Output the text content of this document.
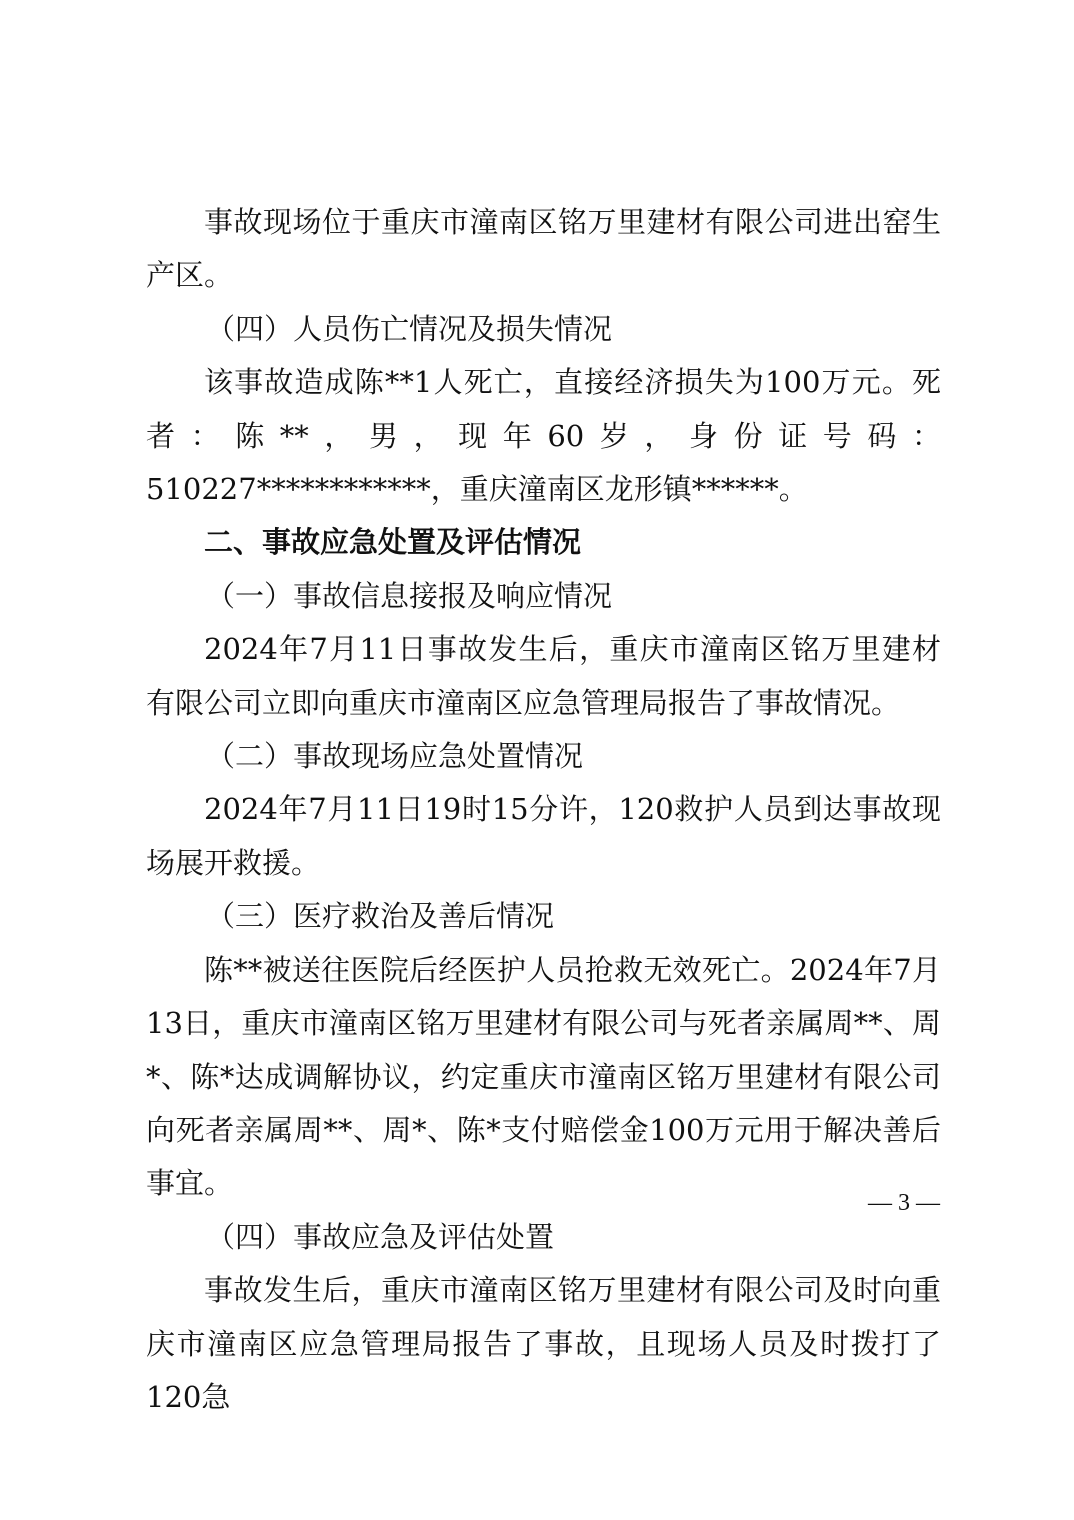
事故现场位于重庆市潼南区铭万里建材有限公司进出窑生产区。

（四）人员伤亡情况及损失情况

该事故造成陈**1人死亡，直接经济损失为100万元。死者：陈**，男，现年60岁，身份证号码：510227************，重庆潼南区龙形镇******。

二、事故应急处置及评估情况

（一）事故信息接报及响应情况

2024年7月11日事故发生后，重庆市潼南区铭万里建材有限公司立即向重庆市潼南区应急管理局报告了事故情况。

（二）事故现场应急处置情况

2024年7月11日19时15分许，120救护人员到达事故现场展开救援。

（三）医疗救治及善后情况

陈**被送往医院后经医护人员抢救无效死亡。2024年7月13日，重庆市潼南区铭万里建材有限公司与死者亲属周**、周*、陈*达成调解协议，约定重庆市潼南区铭万里建材有限公司向死者亲属周**、周*、陈*支付赔偿金100万元用于解决善后事宜。

（四）事故应急及评估处置

事故发生后，重庆市潼南区铭万里建材有限公司及时向重庆市潼南区应急管理局报告了事故，且现场人员及时拨打了120急

— 3 —
